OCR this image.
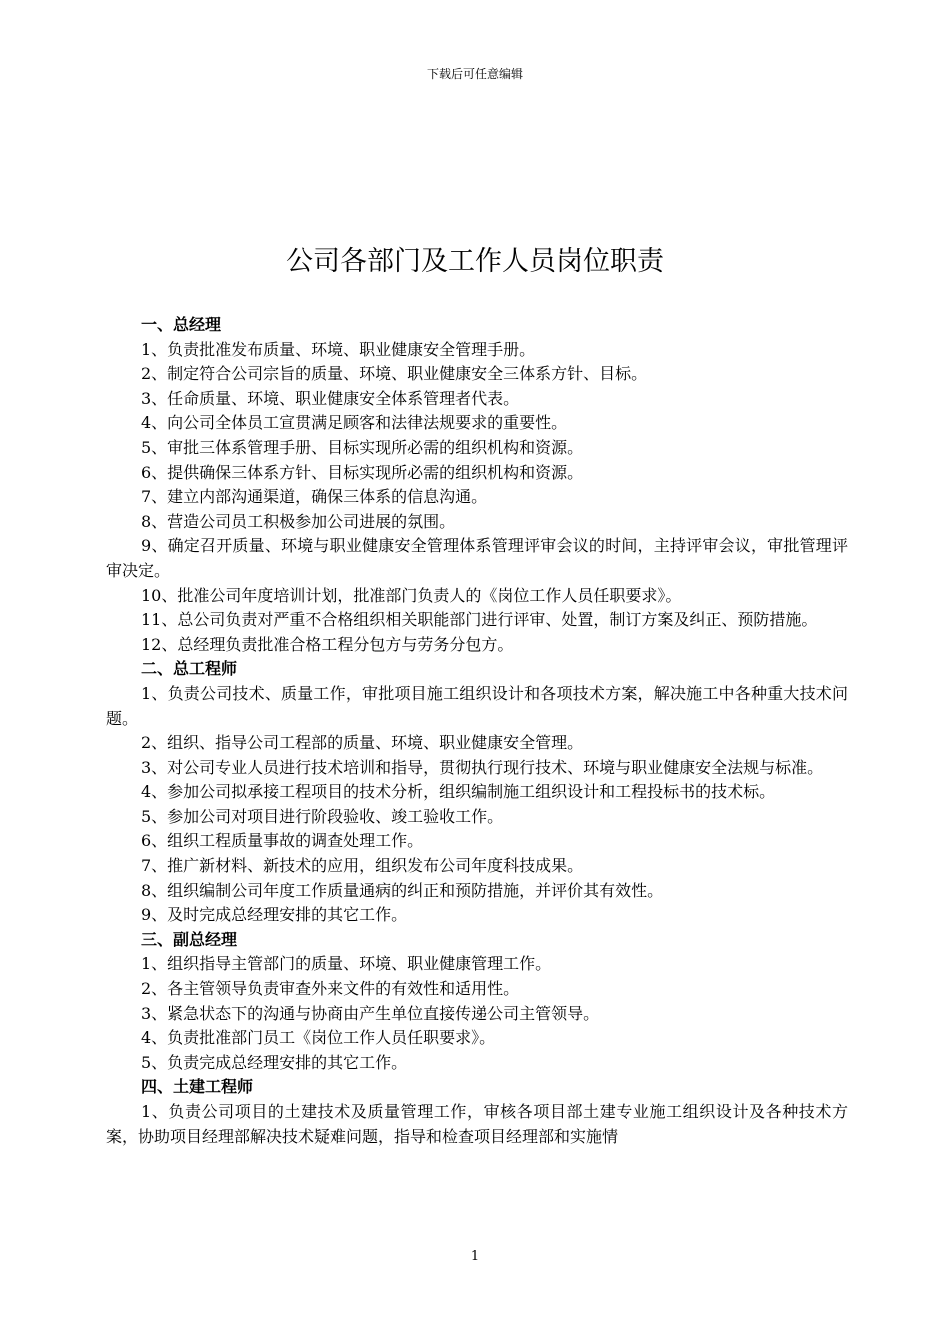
下载后可任意编辑
公司各部门及工作人员岗位职责

一、总经理

1、负责批准发布质量、环境、职业健康安全管理手册。

2、制定符合公司宗旨的质量、环境、职业健康安全三体系方针、目标。

3、任命质量、环境、职业健康安全体系管理者代表。

4、向公司全体员工宣贯满足顾客和法律法规要求的重要性。

5、审批三体系管理手册、目标实现所必需的组织机构和资源。

6、提供确保三体系方针、目标实现所必需的组织机构和资源。

7、建立内部沟通渠道，确保三体系的信息沟通。

8、营造公司员工积极参加公司进展的氛围。

9、确定召开质量、环境与职业健康安全管理体系管理评审会议的时间，主持评审会议，审批管理评审决定。

10、批准公司年度培训计划，批准部门负责人的《岗位工作人员任职要求》。

11、总公司负责对严重不合格组织相关职能部门进行评审、处置，制订方案及纠正、预防措施。

12、总经理负责批准合格工程分包方与劳务分包方。

二、总工程师

1、负责公司技术、质量工作，审批项目施工组织设计和各项技术方案，解决施工中各种重大技术问题。

2、组织、指导公司工程部的质量、环境、职业健康安全管理。

3、对公司专业人员进行技术培训和指导，贯彻执行现行技术、环境与职业健康安全法规与标准。

4、参加公司拟承接工程项目的技术分析，组织编制施工组织设计和工程投标书的技术标。

5、参加公司对项目进行阶段验收、竣工验收工作。

6、组织工程质量事故的调查处理工作。

7、推广新材料、新技术的应用，组织发布公司年度科技成果。

8、组织编制公司年度工作质量通病的纠正和预防措施，并评价其有效性。

9、及时完成总经理安排的其它工作。

三、副总经理

1、组织指导主管部门的质量、环境、职业健康管理工作。

2、各主管领导负责审查外来文件的有效性和适用性。

3、紧急状态下的沟通与协商由产生单位直接传递公司主管领导。

4、负责批准部门员工《岗位工作人员任职要求》。

5、负责完成总经理安排的其它工作。

四、土建工程师

1、负责公司项目的土建技术及质量管理工作，审核各项目部土建专业施工组织设计及各种技术方案，协助项目经理部解决技术疑难问题，指导和检查项目经理部和实施情

1
